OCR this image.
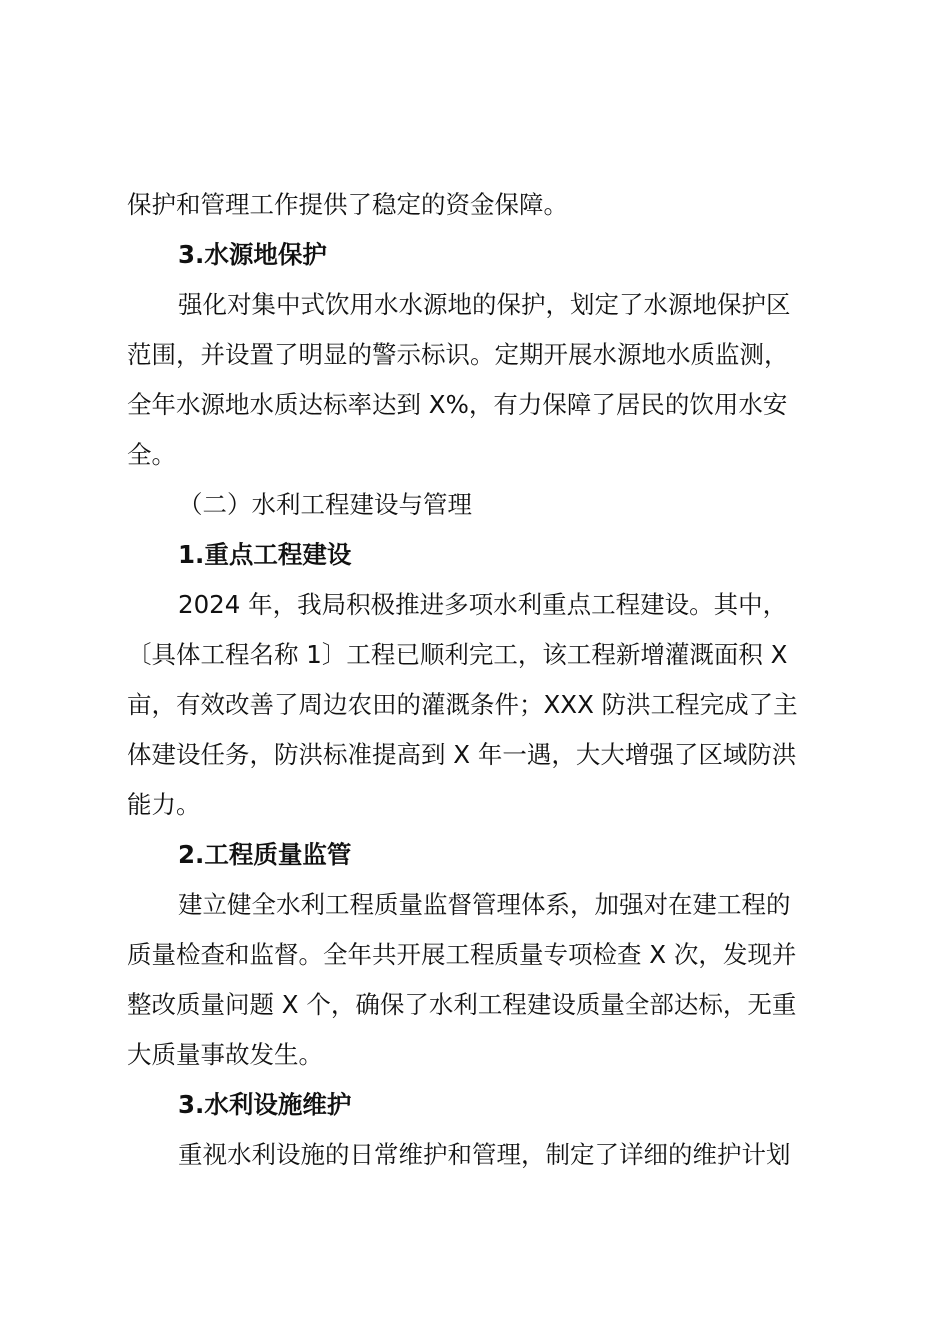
保护和管理工作提供了稳定的资金保障。
3.水源地保护
强化对集中式饮用水水源地的保护，划定了水源地保护区
范围，并设置了明显的警示标识。定期开展水源地水质监测，
全年水源地水质达标率达到 X%，有力保障了居民的饮用水安
全。
（二）水利工程建设与管理
1.重点工程建设
2024 年，我局积极推进多项水利重点工程建设。其中，
〔具体工程名称 1〕工程已顺利完工，该工程新增灌溉面积 X
亩，有效改善了周边农田的灌溉条件；XXX 防洪工程完成了主
体建设任务，防洪标准提高到 X 年一遇，大大增强了区域防洪
能力。
2.工程质量监管
建立健全水利工程质量监督管理体系，加强对在建工程的
质量检查和监督。全年共开展工程质量专项检查 X 次，发现并
整改质量问题 X 个，确保了水利工程建设质量全部达标，无重
大质量事故发生。
3.水利设施维护
重视水利设施的日常维护和管理，制定了详细的维护计划
